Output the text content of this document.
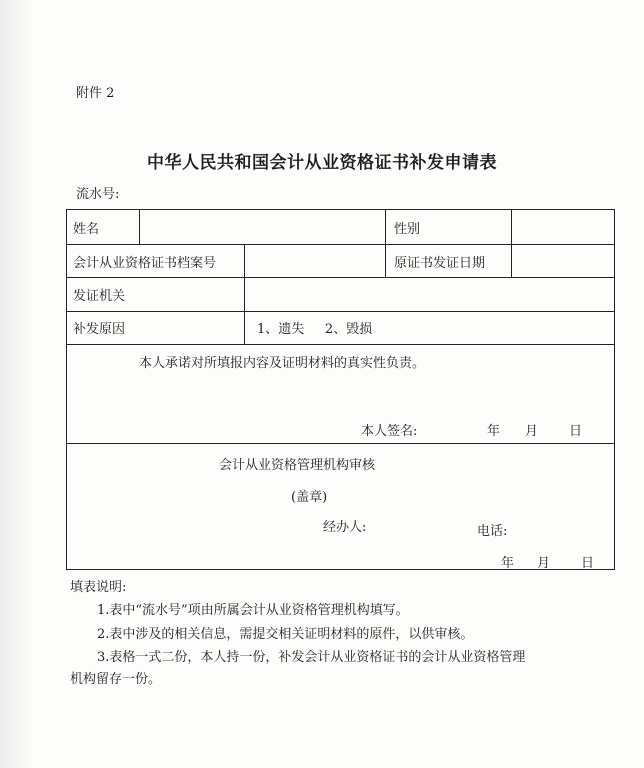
附件 2
中华人民共和国会计从业资格证书补发申请表
流水号:
姓名	性别
会计从业资格证书档案号	原证书发证日期
发证机关
补发原因	1、遗失     2、毁损
本人承诺对所填报内容及证明材料的真实性负责。
本人签名:	年 月 日
会计从业资格管理机构审核
(盖章)
经办人:	电话:
年 月 日
填表说明:
1.表中“流水号”项由所属会计从业资格管理机构填写。
2.表中涉及的相关信息，需提交相关证明材料的原件，以供审核。
3.表格一式二份，本人持一份，补发会计从业资格证书的会计从业资格管理
机构留存一份。
